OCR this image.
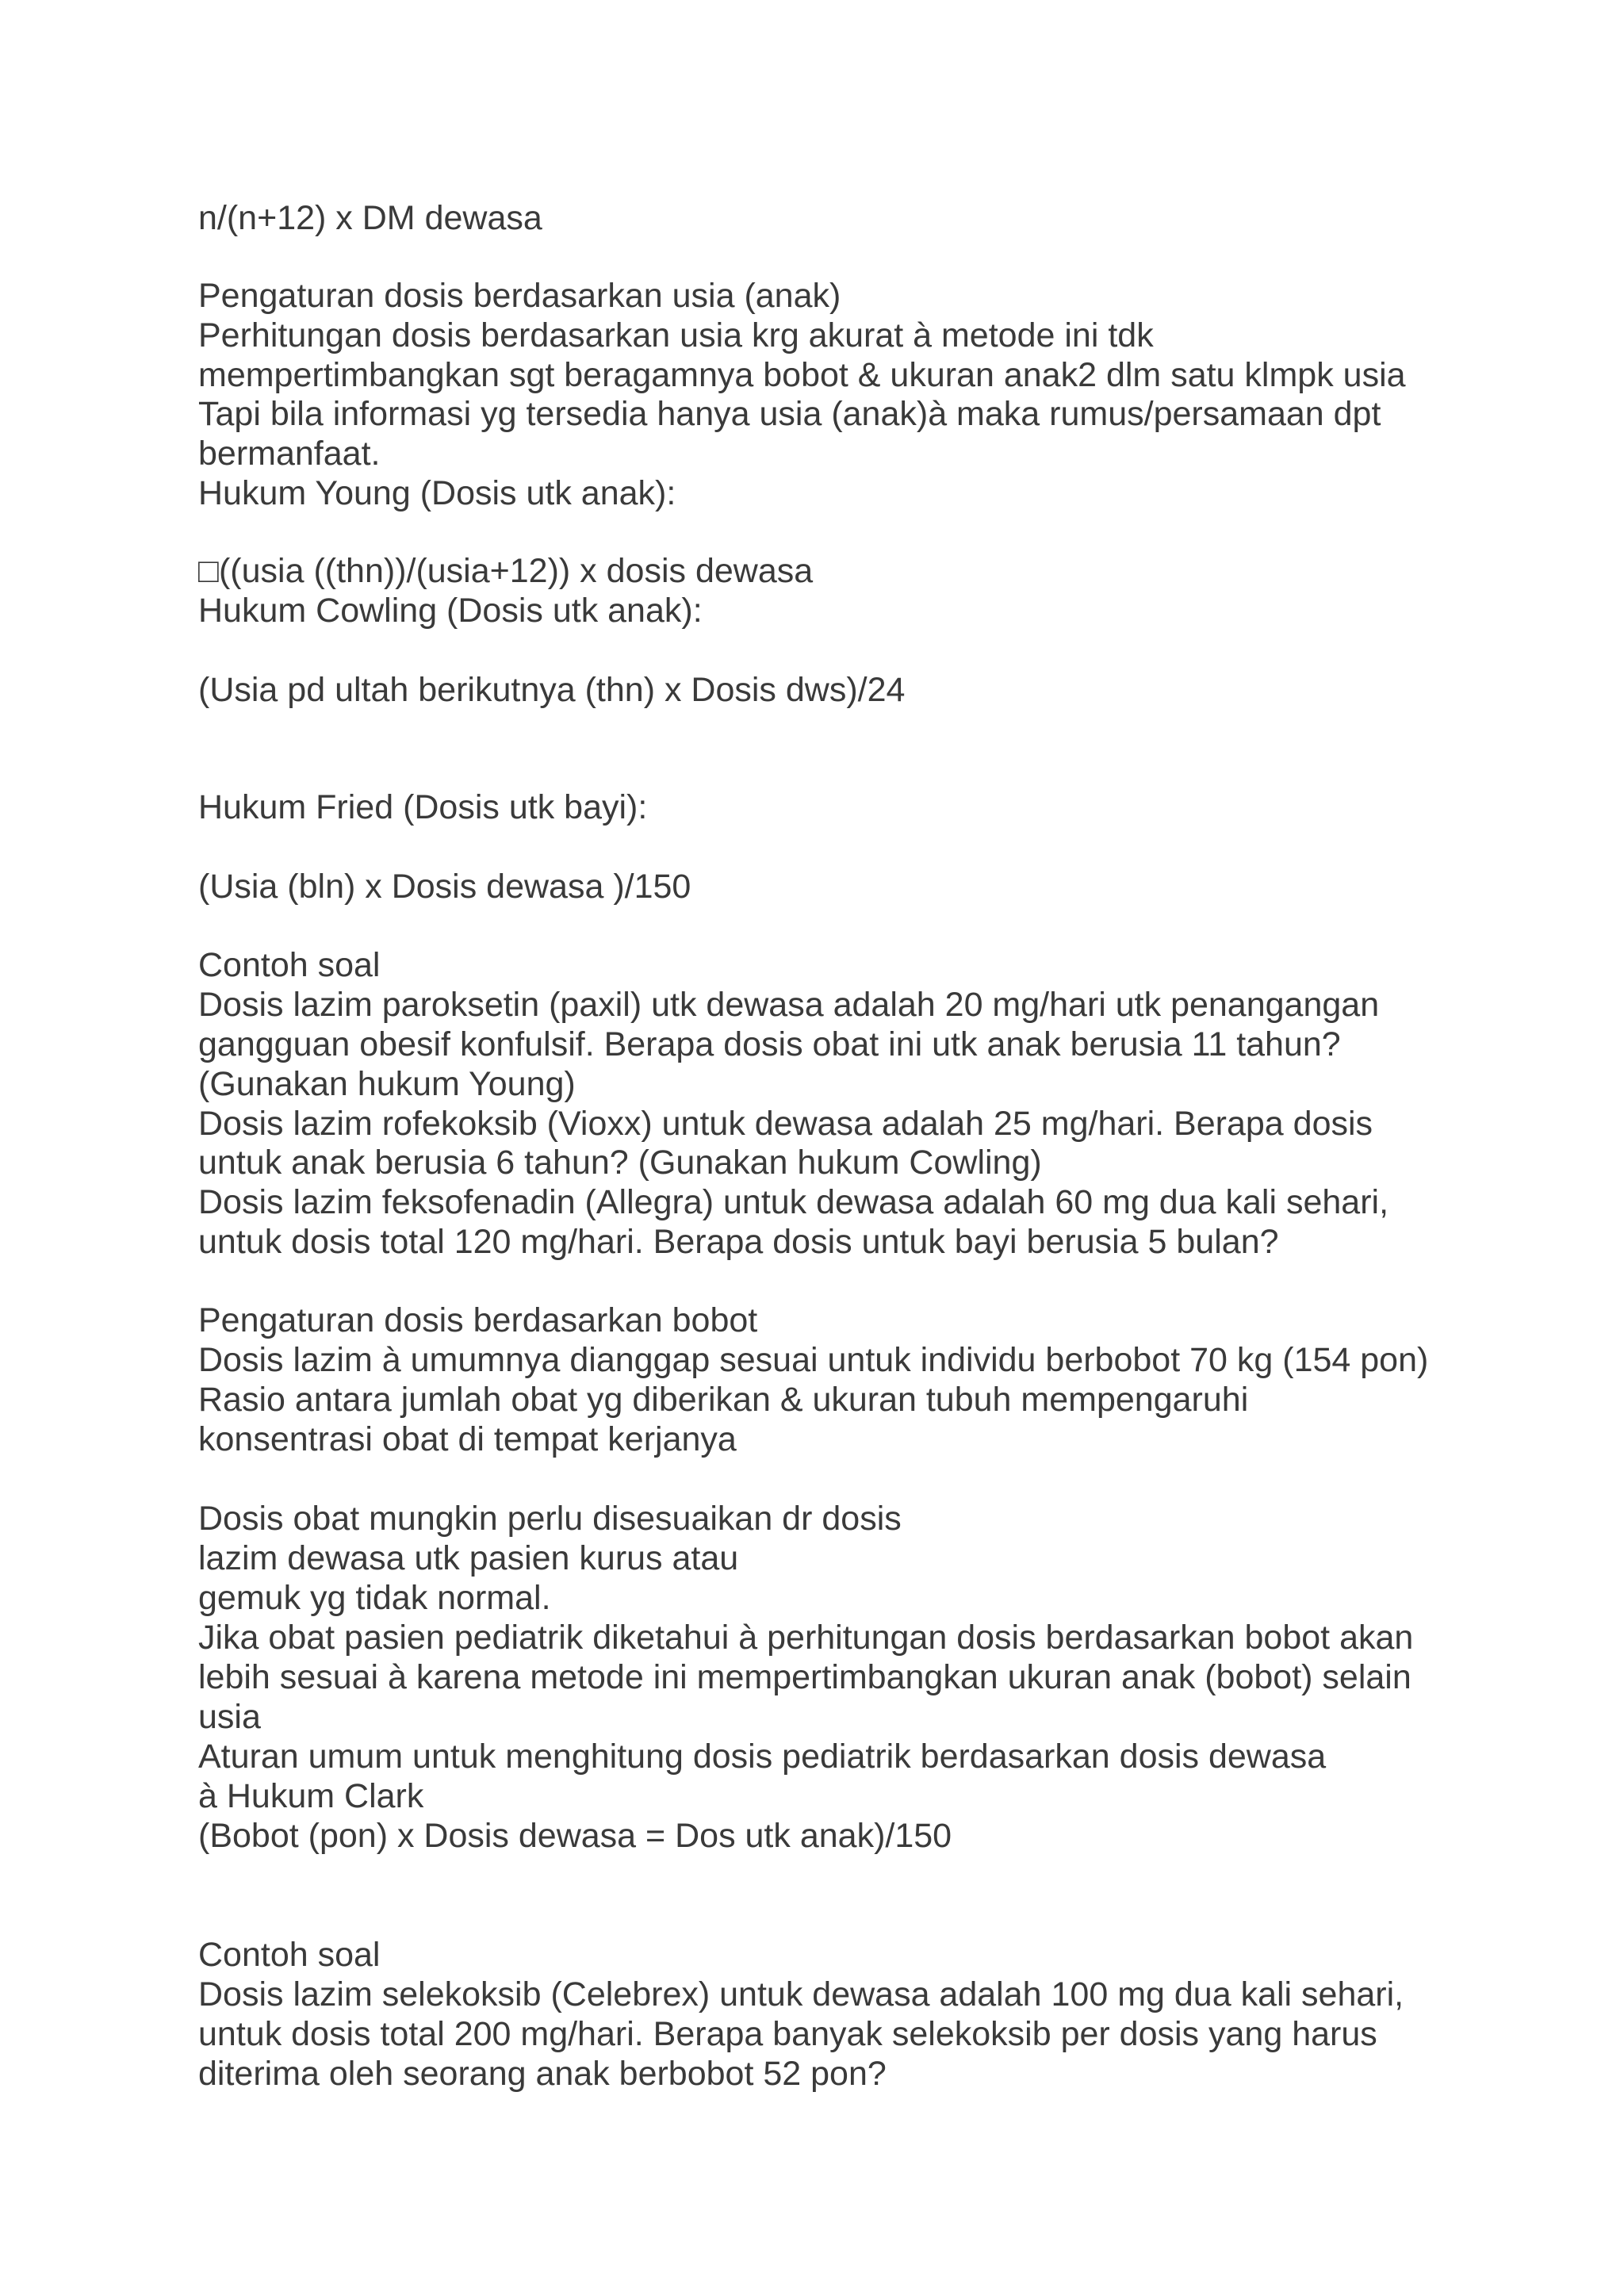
n/(n+12) x DM dewasa
Pengaturan dosis berdasarkan usia (anak)
Perhitungan dosis berdasarkan usia krg akurat à metode ini tdk
mempertimbangkan sgt beragamnya bobot & ukuran anak2 dlm satu klmpk usia
Tapi bila informasi yg tersedia hanya usia (anak)à maka rumus/persamaan dpt
bermanfaat.
Hukum Young (Dosis utk anak):
□((usia ((thn))/(usia+12)) x dosis dewasa
Hukum Cowling (Dosis utk anak):
(Usia pd ultah berikutnya (thn) x Dosis dws)/24
Hukum Fried (Dosis utk bayi):
(Usia (bln) x Dosis dewasa )/150
Contoh soal
Dosis lazim paroksetin (paxil) utk dewasa adalah 20 mg/hari utk penangangan
gangguan obesif konfulsif. Berapa dosis obat ini utk anak berusia 11 tahun?
(Gunakan hukum Young)
Dosis lazim rofekoksib (Vioxx) untuk dewasa adalah 25 mg/hari. Berapa dosis
untuk anak berusia 6 tahun? (Gunakan hukum Cowling)
Dosis lazim feksofenadin (Allegra) untuk dewasa adalah 60 mg dua kali sehari,
untuk dosis total 120 mg/hari. Berapa dosis untuk bayi berusia 5 bulan?
Pengaturan dosis berdasarkan bobot
Dosis lazim à umumnya dianggap sesuai untuk individu berbobot 70 kg (154 pon)
Rasio antara jumlah obat yg diberikan & ukuran tubuh mempengaruhi
konsentrasi obat di tempat kerjanya
Dosis obat mungkin perlu disesuaikan dr dosis
lazim dewasa utk pasien kurus atau
gemuk yg tidak normal.
Jika obat pasien pediatrik diketahui à perhitungan dosis berdasarkan bobot akan
lebih sesuai à karena metode ini mempertimbangkan ukuran anak (bobot) selain
usia
Aturan umum untuk menghitung dosis pediatrik berdasarkan dosis dewasa
à Hukum Clark
(Bobot (pon) x Dosis dewasa = Dos utk anak)/150
Contoh soal
Dosis lazim selekoksib (Celebrex) untuk dewasa adalah 100 mg dua kali sehari,
untuk dosis total 200 mg/hari. Berapa banyak selekoksib per dosis yang harus
diterima oleh seorang anak berbobot 52 pon?
